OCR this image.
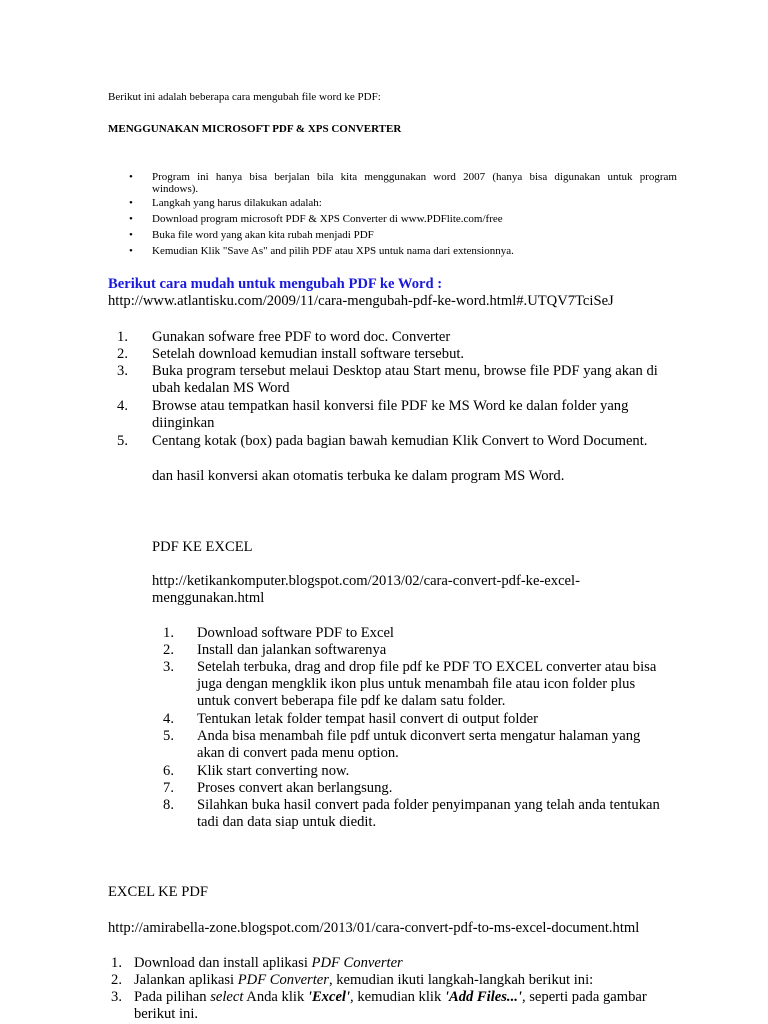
Berikut ini adalah beberapa cara mengubah file word ke PDF:
MENGGUNAKAN MICROSOFT PDF & XPS CONVERTER
• Program ini hanya bisa berjalan bila kita menggunakan word 2007 (hanya bisa digunakan untuk program
windows).
• Langkah yang harus dilakukan adalah:
• Download program microsoft PDF & XPS Converter di www.PDFlite.com/free
• Buka file word yang akan kita rubah menjadi PDF
• Kemudian Klik "Save As" and pilih PDF atau XPS untuk nama dari extensionnya.
Berikut cara mudah untuk mengubah PDF ke Word :
http://www.atlantisku.com/2009/11/cara-mengubah-pdf-ke-word.html#.UTQV7TciSeJ
1. Gunakan sofware free PDF to word doc. Converter
2. Setelah download kemudian install software tersebut.
3. Buka program tersebut melaui Desktop atau Start menu, browse file PDF yang akan di
ubah kedalan MS Word
4. Browse atau tempatkan hasil konversi file PDF ke MS Word ke dalan folder yang
diinginkan
5. Centang kotak (box) pada bagian bawah kemudian Klik Convert to Word Document.
dan hasil konversi akan otomatis terbuka ke dalam program MS Word.
PDF KE EXCEL
http://ketikankomputer.blogspot.com/2013/02/cara-convert-pdf-ke-excel-
menggunakan.html
1. Download software PDF to Excel
2. Install dan jalankan softwarenya
3. Setelah terbuka, drag and drop file pdf ke PDF TO EXCEL converter atau bisa
juga dengan mengklik ikon plus untuk menambah file atau icon folder plus
untuk convert beberapa file pdf ke dalam satu folder.
4. Tentukan letak folder tempat hasil convert di output folder
5. Anda bisa menambah file pdf untuk diconvert serta mengatur halaman yang
akan di convert pada menu option.
6. Klik start converting now.
7. Proses convert akan berlangsung.
8. Silahkan buka hasil convert pada folder penyimpanan yang telah anda tentukan
tadi dan data siap untuk diedit.
EXCEL KE PDF
http://amirabella-zone.blogspot.com/2013/01/cara-convert-pdf-to-ms-excel-document.html
1. Download dan install aplikasi PDF Converter
2. Jalankan aplikasi PDF Converter, kemudian ikuti langkah-langkah berikut ini:
3. Pada pilihan select Anda klik 'Excel', kemudian klik 'Add Files...', seperti pada gambar
berikut ini.
